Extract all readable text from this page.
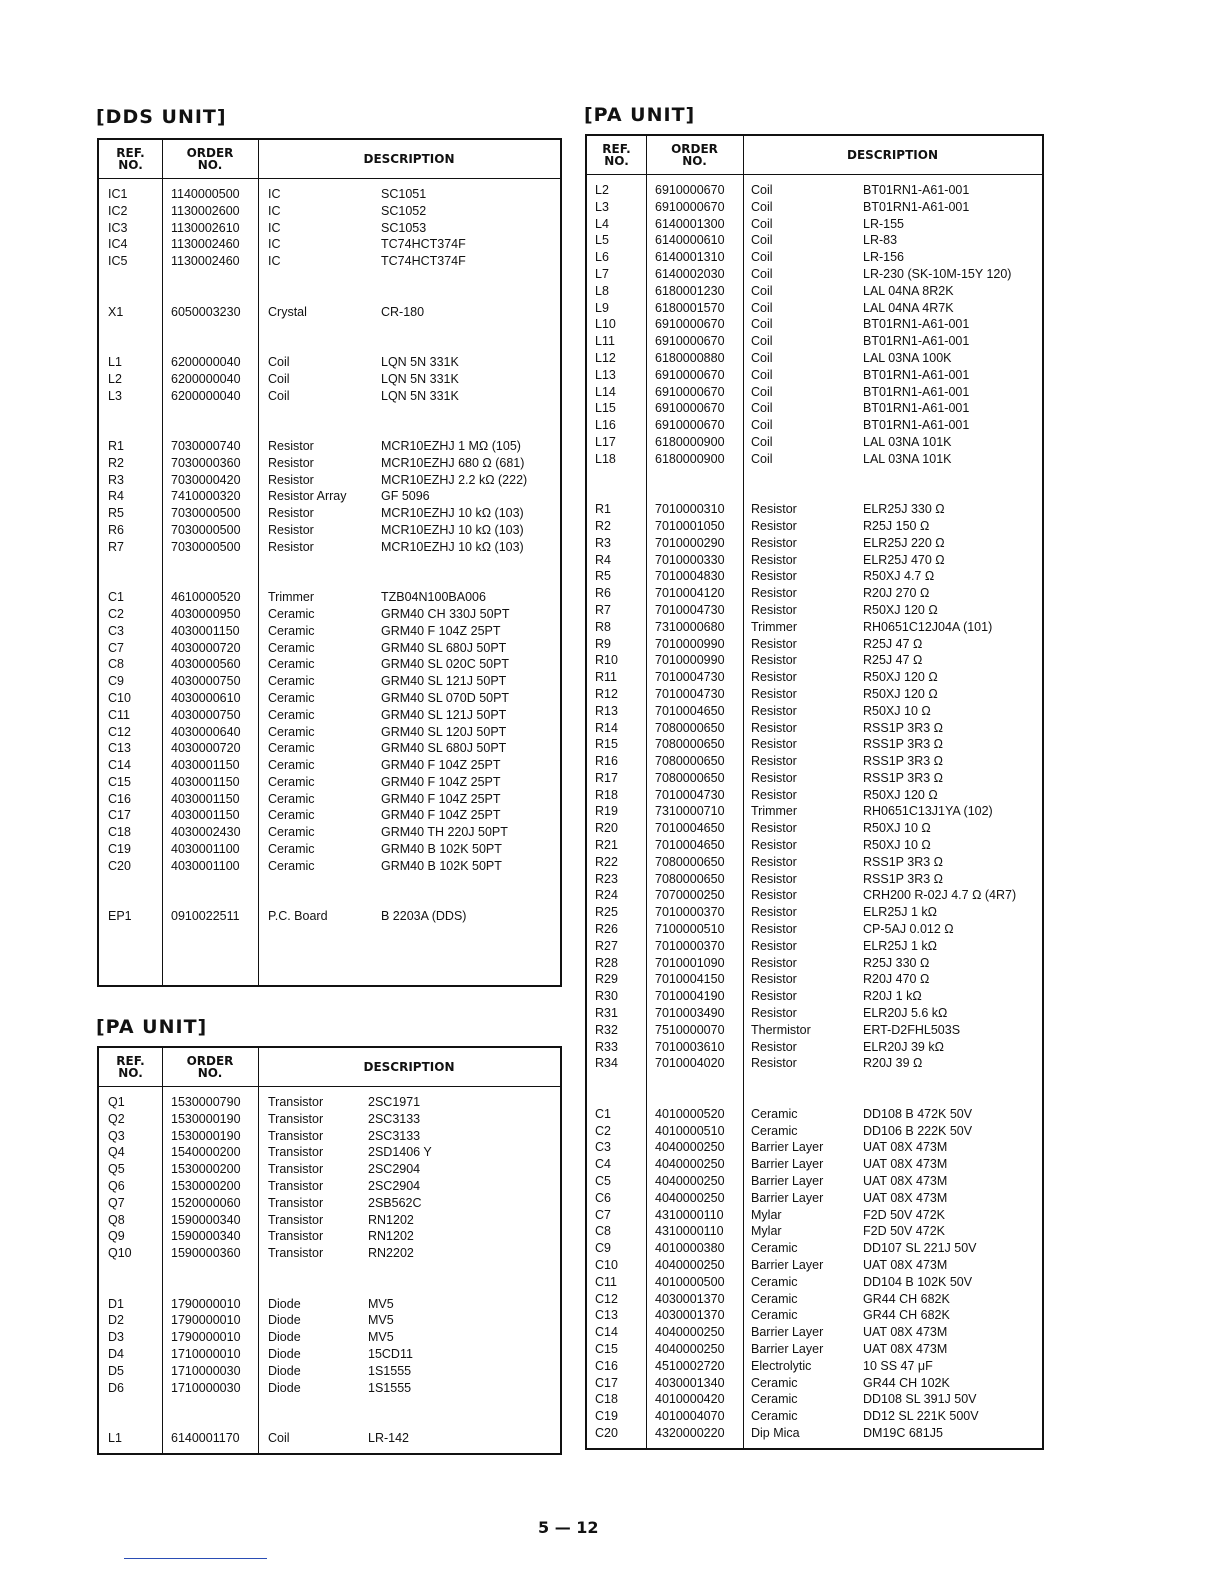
[DDS UNIT]	[PA UNIT]
[PA UNIT]
REF.
NO.
ORDER
NO.	DESCRIPTION
IC1	1140000500 IC	SC1051
IC2	1130002600 IC	SC1052
IC3	1130002610 IC	SC1053
IC4	1130002460 IC	TC74HCT374F
IC5	1130002460 IC	TC74HCT374F
X1	6050003230 Crystal	CR-180
L1	6200000040 Coil	LQN 5N 331K
L2	6200000040 Coil	LQN 5N 331K
L3	6200000040 Coil	LQN 5N 331K
R1	7030000740 Resistor	MCR10EZHJ 1 MΩ (105)
R2	7030000360 Resistor	MCR10EZHJ 680 Ω (681)
R3	7030000420 Resistor	MCR10EZHJ 2.2 kΩ (222)
R4	7410000320 Resistor Array	GF 5096
R5	7030000500 Resistor	MCR10EZHJ 10 kΩ (103)
R6	7030000500 Resistor	MCR10EZHJ 10 kΩ (103)
R7	7030000500 Resistor	MCR10EZHJ 10 kΩ (103)
C1	4610000520 Trimmer	TZB04N100BA006
C2	4030000950 Ceramic	GRM40 CH 330J 50PT
C3	4030001150 Ceramic	GRM40 F 104Z 25PT
C7	4030000720 Ceramic	GRM40 SL 680J 50PT
C8	4030000560 Ceramic	GRM40 SL 020C 50PT
C9	4030000750 Ceramic	GRM40 SL 121J 50PT
C10	4030000610 Ceramic	GRM40 SL 070D 50PT
C11	4030000750 Ceramic	GRM40 SL 121J 50PT
C12	4030000640 Ceramic	GRM40 SL 120J 50PT
C13	4030000720 Ceramic	GRM40 SL 680J 50PT
C14	4030001150 Ceramic	GRM40 F 104Z 25PT
C15	4030001150 Ceramic	GRM40 F 104Z 25PT
C16	4030001150 Ceramic	GRM40 F 104Z 25PT
C17	4030001150 Ceramic	GRM40 F 104Z 25PT
C18	4030002430 Ceramic	GRM40 TH 220J 50PT
C19	4030001100 Ceramic	GRM40 B 102K 50PT
C20	4030001100 Ceramic	GRM40 B 102K 50PT
EP1	0910022511 P.C. Board	B 2203A (DDS)
REF.
NO.
ORDER
NO.	DESCRIPTION
Q1	1530000790 Transistor	2SC1971
Q2	1530000190 Transistor	2SC3133
Q3	1530000190 Transistor	2SC3133
Q4	1540000200 Transistor	2SD1406 Y
Q5	1530000200 Transistor	2SC2904
Q6	1530000200 Transistor	2SC2904
Q7	1520000060 Transistor	2SB562C
Q8	1590000340 Transistor	RN1202
Q9	1590000340 Transistor	RN1202
Q10	1590000360 Transistor	RN2202
D1	1790000010 Diode	MV5
D2	1790000010 Diode	MV5
D3	1790000010 Diode	MV5
D4	1710000010 Diode	15CD11
D5	1710000030 Diode	1S1555
D6	1710000030 Diode	1S1555
L1	6140001170 Coil	LR-142
REF.
NO.
ORDER
NO.	DESCRIPTION
L2	6910000670 Coil	BT01RN1-A61-001
L3	6910000670 Coil	BT01RN1-A61-001
L4	6140001300 Coil	LR-155
L5	6140000610 Coil	LR-83
L6	6140001310 Coil	LR-156
L7	6140002030 Coil	LR-230 (SK-10M-15Y 120)
L8	6180001230 Coil	LAL 04NA 8R2K
L9	6180001570 Coil	LAL 04NA 4R7K
L10	6910000670 Coil	BT01RN1-A61-001
L11	6910000670 Coil	BT01RN1-A61-001
L12	6180000880 Coil	LAL 03NA 100K
L13	6910000670 Coil	BT01RN1-A61-001
L14	6910000670 Coil	BT01RN1-A61-001
L15	6910000670 Coil	BT01RN1-A61-001
L16	6910000670 Coil	BT01RN1-A61-001
L17	6180000900 Coil	LAL 03NA 101K
L18	6180000900 Coil	LAL 03NA 101K
R1	7010000310 Resistor	ELR25J 330 Ω
R2	7010001050 Resistor	R25J 150 Ω
R3	7010000290 Resistor	ELR25J 220 Ω
R4	7010000330 Resistor	ELR25J 470 Ω
R5	7010004830 Resistor	R50XJ 4.7 Ω
R6	7010004120 Resistor	R20J 270 Ω
R7	7010004730 Resistor	R50XJ 120 Ω
R8	7310000680 Trimmer	RH0651C12J04A (101)
R9	7010000990 Resistor	R25J 47 Ω
R10	7010000990 Resistor	R25J 47 Ω
R11	7010004730 Resistor	R50XJ 120 Ω
R12	7010004730 Resistor	R50XJ 120 Ω
R13	7010004650 Resistor	R50XJ 10 Ω
R14	7080000650 Resistor	RSS1P 3R3 Ω
R15	7080000650 Resistor	RSS1P 3R3 Ω
R16	7080000650 Resistor	RSS1P 3R3 Ω
R17	7080000650 Resistor	RSS1P 3R3 Ω
R18	7010004730 Resistor	R50XJ 120 Ω
R19	7310000710 Trimmer	RH0651C13J1YA (102)
R20	7010004650 Resistor	R50XJ 10 Ω
R21	7010004650 Resistor	R50XJ 10 Ω
R22	7080000650 Resistor	RSS1P 3R3 Ω
R23	7080000650 Resistor	RSS1P 3R3 Ω
R24	7070000250 Resistor	CRH200 R-02J 4.7 Ω (4R7)
R25	7010000370 Resistor	ELR25J 1 kΩ
R26	7100000510 Resistor	CP-5AJ 0.012 Ω
R27	7010000370 Resistor	ELR25J 1 kΩ
R28	7010001090 Resistor	R25J 330 Ω
R29	7010004150 Resistor	R20J 470 Ω
R30	7010004190 Resistor	R20J 1 kΩ
R31	7010003490 Resistor	ELR20J 5.6 kΩ
R32	7510000070 Thermistor	ERT-D2FHL503S
R33	7010003610 Resistor	ELR20J 39 kΩ
R34	7010004020 Resistor	R20J 39 Ω
C1	4010000520 Ceramic	DD108 B 472K 50V
C2	4010000510 Ceramic	DD106 B 222K 50V
C3	4040000250 Barrier Layer	UAT 08X 473M
C4	4040000250 Barrier Layer	UAT 08X 473M
C5	4040000250 Barrier Layer	UAT 08X 473M
C6	4040000250 Barrier Layer	UAT 08X 473M
C7	4310000110 Mylar	F2D 50V 472K
C8	4310000110 Mylar	F2D 50V 472K
C9	4010000380 Ceramic	DD107 SL 221J 50V
C10	4040000250 Barrier Layer	UAT 08X 473M
C11	4010000500 Ceramic	DD104 B 102K 50V
C12	4030001370 Ceramic	GR44 CH 682K
C13	4030001370 Ceramic	GR44 CH 682K
C14	4040000250 Barrier Layer	UAT 08X 473M
C15	4040000250 Barrier Layer	UAT 08X 473M
C16	4510002720 Electrolytic	10 SS 47 μF
C17	4030001340 Ceramic	GR44 CH 102K
C18	4010000420 Ceramic	DD108 SL 391J 50V
C19	4010004070 Ceramic	DD12 SL 221K 500V
C20	4320000220 Dip Mica	DM19C 681J5
5 — 12
